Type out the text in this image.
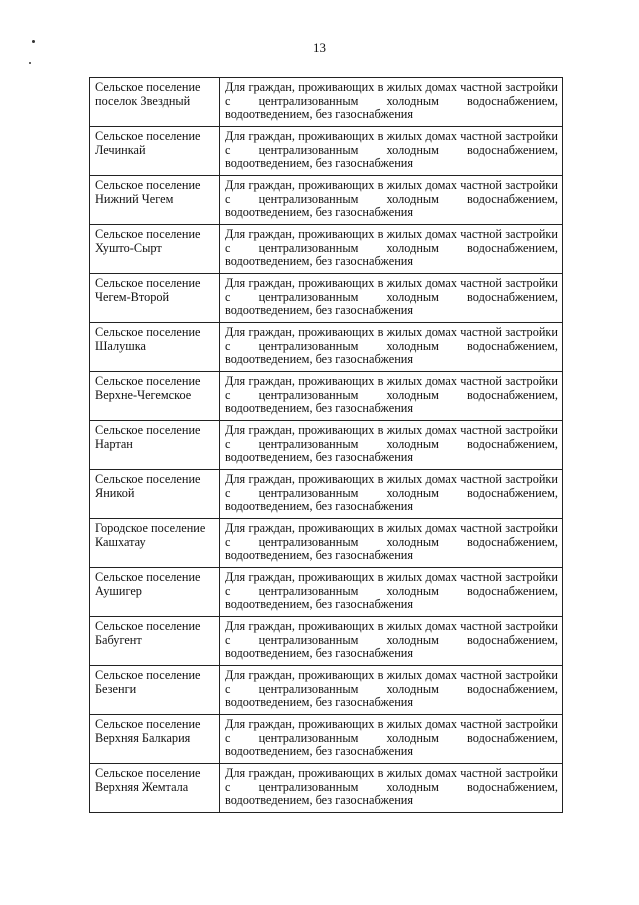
13
Сельское поселение поселок Звездный	Для граждан, проживающих в жилых домах частной застройки с централизованным холодным водоснабжением, водоотведением, без газоснабжения
Сельское поселение Лечинкай	Для граждан, проживающих в жилых домах частной застройки с централизованным холодным водоснабжением, водоотведением, без газоснабжения
Сельское поселение Нижний Чегем	Для граждан, проживающих в жилых домах частной застройки с централизованным холодным водоснабжением, водоотведением, без газоснабжения
Сельское поселение Хушто-Сырт	Для граждан, проживающих в жилых домах частной застройки с централизованным холодным водоснабжением, водоотведением, без газоснабжения
Сельское поселение Чегем-Второй	Для граждан, проживающих в жилых домах частной застройки с централизованным холодным водоснабжением, водоотведением, без газоснабжения
Сельское поселение Шалушка	Для граждан, проживающих в жилых домах частной застройки с централизованным холодным водоснабжением, водоотведением, без газоснабжения
Сельское поселение Верхне-Чегемское	Для граждан, проживающих в жилых домах частной застройки с централизованным холодным водоснабжением, водоотведением, без газоснабжения
Сельское поселение Нартан	Для граждан, проживающих в жилых домах частной застройки с централизованным холодным водоснабжением, водоотведением, без газоснабжения
Сельское поселение Яникой	Для граждан, проживающих в жилых домах частной застройки с централизованным холодным водоснабжением, водоотведением, без газоснабжения
Городское поселение Кашхатау	Для граждан, проживающих в жилых домах частной застройки с централизованным холодным водоснабжением, водоотведением, без газоснабжения
Сельское поселение Аушигер	Для граждан, проживающих в жилых домах частной застройки с централизованным холодным водоснабжением, водоотведением, без газоснабжения
Сельское поселение Бабугент	Для граждан, проживающих в жилых домах частной застройки с централизованным холодным водоснабжением, водоотведением, без газоснабжения
Сельское поселение Безенги	Для граждан, проживающих в жилых домах частной застройки с централизованным холодным водоснабжением, водоотведением, без газоснабжения
Сельское поселение Верхняя Балкария	Для граждан, проживающих в жилых домах частной застройки с централизованным холодным водоснабжением, водоотведением, без газоснабжения
Сельское поселение Верхняя Жемтала	Для граждан, проживающих в жилых домах частной застройки с централизованным холодным водоснабжением, водоотведением, без газоснабжения
